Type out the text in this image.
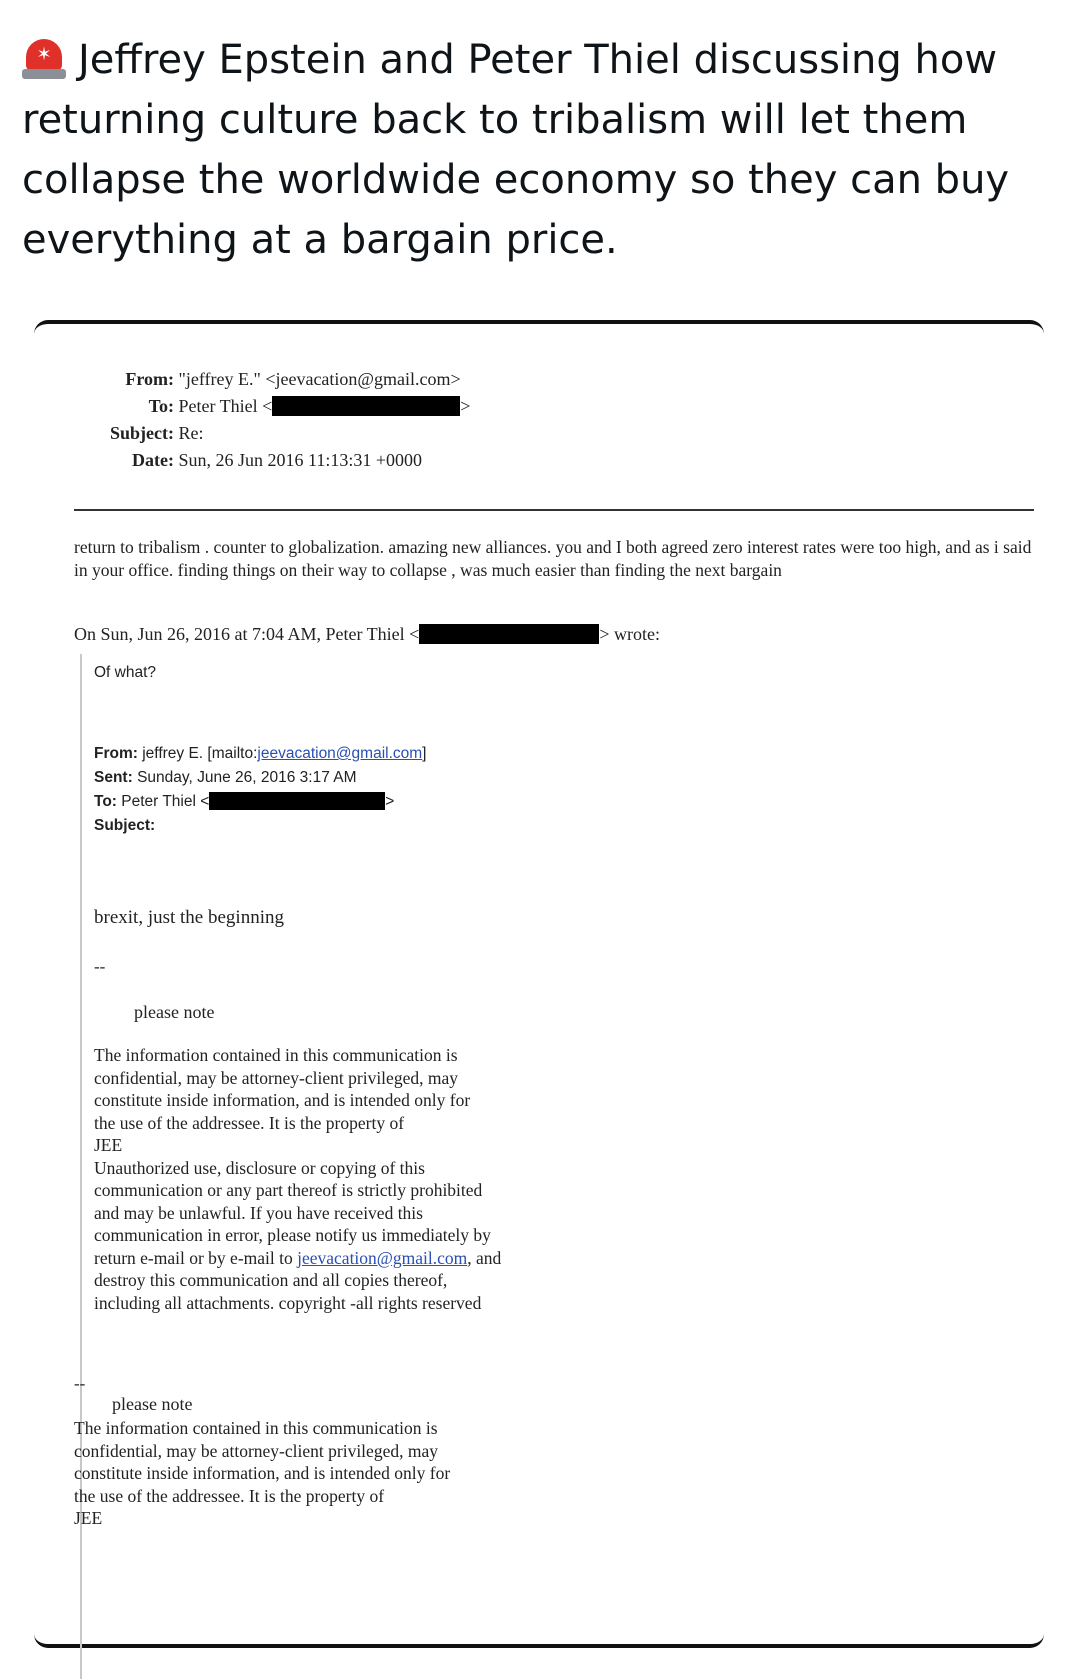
✶ Jeffrey Epstein and Peter Thiel discussing how returning culture back to tribalism will let them collapse the worldwide economy so they can buy everything at a bargain price.

From: "jeffrey E." <jeevacation@gmail.com>
To: Peter Thiel <	>
Subject: Re:
Date: Sun, 26 Jun 2016 11:13:31 +0000
return to tribalism . counter to globalization. amazing new alliances. you and I both agreed zero interest rates were too high, and as i said in your office. finding things on their way to collapse , was much easier than finding the next bargain
On Sun, Jun 26, 2016 at 7:04 AM, Peter Thiel <	> wrote:
Of what?
From: jeffrey E. [mailto:jeevacation@gmail.com]
Sent: Sunday, June 26, 2016 3:17 AM
To: Peter Thiel <	>
Subject:
brexit, just the beginning
--
please note
The information contained in this communication is
confidential, may be attorney-client privileged, may
constitute inside information, and is intended only for
the use of the addressee. It is the property of
JEE
Unauthorized use, disclosure or copying of this
communication or any part thereof is strictly prohibited
and may be unlawful. If you have received this
communication in error, please notify us immediately by
return e-mail or by e-mail to jeevacation@gmail.com, and
destroy this communication and all copies thereof,
including all attachments. copyright -all rights reserved
--
please note
The information contained in this communication is
confidential, may be attorney-client privileged, may
constitute inside information, and is intended only for
the use of the addressee. It is the property of
JEE
